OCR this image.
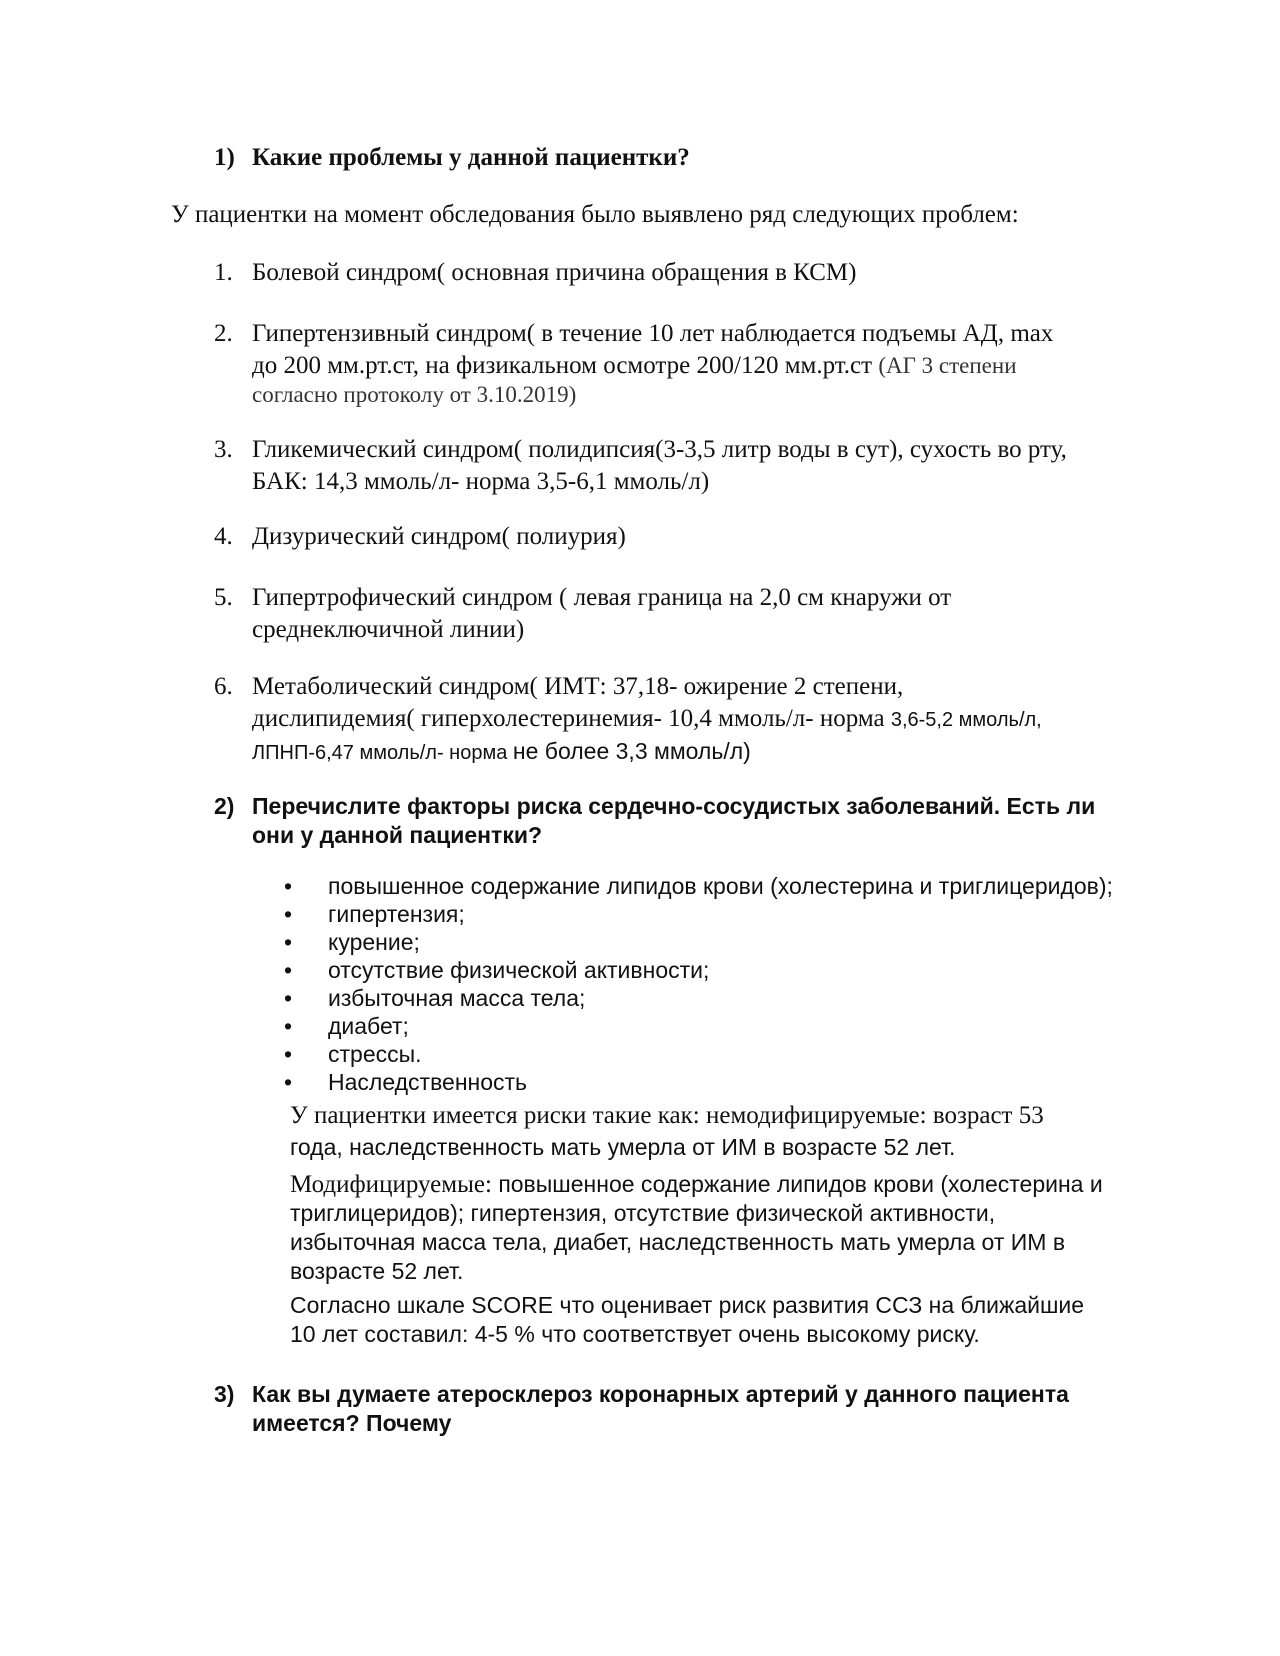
1) Какие проблемы у данной пациентки?
У пациентки на момент обследования было выявлено ряд следующих проблем:
1. Болевой синдром( основная причина обращения в КСМ)
2. Гипертензивный синдром( в течение 10 лет наблюдается подъемы АД, max
до 200 мм.рт.ст, на физикальном осмотре 200/120 мм.рт.ст (АГ 3 степени
согласно протоколу от 3.10.2019)
3. Гликемический синдром( полидипсия(3-3,5 литр воды в сут), сухость во рту,
БАК: 14,3 ммоль/л- норма 3,5-6,1 ммоль/л)
4. Дизурический синдром( полиурия)
5. Гипертрофический синдром ( левая граница на 2,0 см кнаружи от
среднеключичной линии)
6. Метаболический синдром( ИМТ: 37,18- ожирение 2 степени,
дислипидемия( гиперхолестеринемия- 10,4 ммоль/л- норма 3,6-5,2 ммоль/л,
ЛПНП-6,47 ммоль/л- норма не более 3,3 ммоль/л)
2) Перечислите факторы риска сердечно-сосудистых заболеваний. Есть ли
они у данной пациентки?
• повышенное содержание липидов крови (холестерина и триглицеридов);
• гипертензия;
• курение;
• отсутствие физической активности;
• избыточная масса тела;
• диабет;
• стрессы.
• Наследственность
У пациентки имеется риски такие как: немодифицируемые: возраст 53
года, наследственность мать умерла от ИМ в возрасте 52 лет.
Модифицируемые: повышенное содержание липидов крови (холестерина и
триглицеридов); гипертензия, отсутствие физической активности,
избыточная масса тела, диабет, наследственность мать умерла от ИМ в
возрасте 52 лет.
Согласно шкале SCORE что оценивает риск развития ССЗ на ближайшие
10 лет составил: 4-5 % что соответствует очень высокому риску.
3) Как вы думаете атеросклероз коронарных артерий у данного пациента
имеется? Почему
